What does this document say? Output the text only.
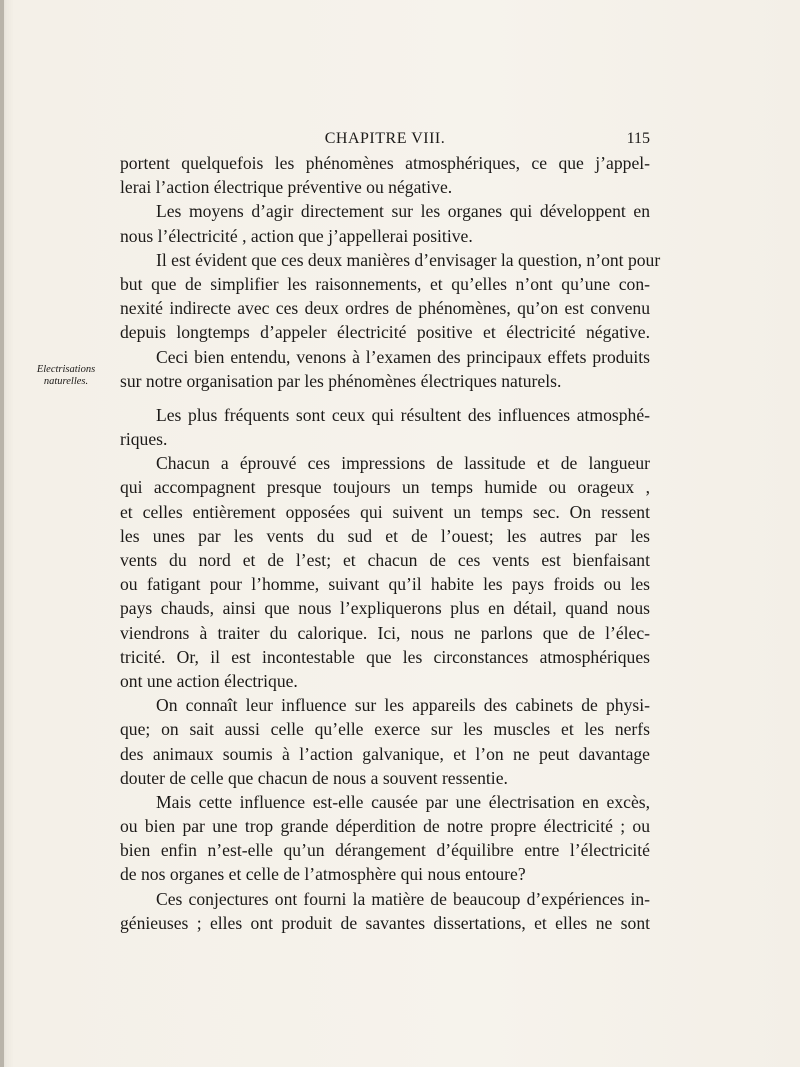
CHAPITRE VIII.	115
Electrisations
naturelles.
portent quelquefois les phénomènes atmosphériques, ce que j’appel-
lerai l’action électrique préventive ou négative.
Les moyens d’agir directement sur les organes qui développent en
nous l’électricité , action que j’appellerai positive.
Il est évident que ces deux manières d’envisager la question, n’ont pour
but que de simplifier les raisonnements, et qu’elles n’ont qu’une con-
nexité indirecte avec ces deux ordres de phénomènes, qu’on est convenu
depuis longtemps d’appeler électricité positive et électricité négative.
Ceci bien entendu, venons à l’examen des principaux effets produits
sur notre organisation par les phénomènes électriques naturels.
Les plus fréquents sont ceux qui résultent des influences atmosphé-
riques.
Chacun a éprouvé ces impressions de lassitude et de langueur
qui accompagnent presque toujours un temps humide ou orageux ,
et celles entièrement opposées qui suivent un temps sec. On ressent
les unes par les vents du sud et de l’ouest; les autres par les
vents du nord et de l’est; et chacun de ces vents est bienfaisant
ou fatigant pour l’homme, suivant qu’il habite les pays froids ou les
pays chauds, ainsi que nous l’expliquerons plus en détail, quand nous
viendrons à traiter du calorique. Ici, nous ne parlons que de l’élec-
tricité. Or, il est incontestable que les circonstances atmosphériques
ont une action électrique.
On connaît leur influence sur les appareils des cabinets de physi-
que; on sait aussi celle qu’elle exerce sur les muscles et les nerfs
des animaux soumis à l’action galvanique, et l’on ne peut davantage
douter de celle que chacun de nous a souvent ressentie.
Mais cette influence est-elle causée par une électrisation en excès,
ou bien par une trop grande déperdition de notre propre électricité ; ou
bien enfin n’est-elle qu’un dérangement d’équilibre entre l’électricité
de nos organes et celle de l’atmosphère qui nous entoure?
Ces conjectures ont fourni la matière de beaucoup d’expériences in-
génieuses ; elles ont produit de savantes dissertations, et elles ne sont
